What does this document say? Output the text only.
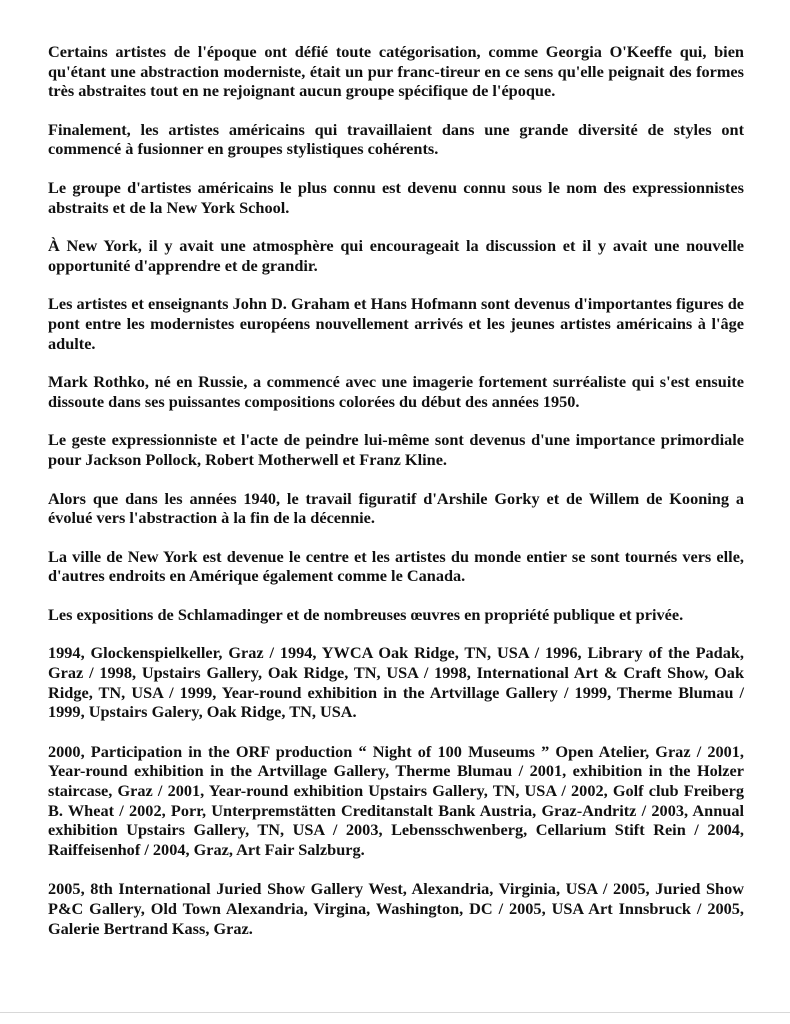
Certains artistes de l'époque ont défié toute catégorisation, comme Georgia O'Keeffe qui, bien qu'étant une abstraction moderniste, était un pur franc-tireur en ce sens qu'elle peignait des formes très abstraites tout en ne rejoignant aucun groupe spécifique de l'époque.

Finalement, les artistes américains qui travaillaient dans une grande diversité de styles ont commencé à fusionner en groupes stylistiques cohérents.

Le groupe d'artistes américains le plus connu est devenu connu sous le nom des expressionnistes abstraits et de la New York School.

À New York, il y avait une atmosphère qui encourageait la discussion et il y avait une nouvelle opportunité d'apprendre et de grandir.

Les artistes et enseignants John D. Graham et Hans Hofmann sont devenus d'importantes figures de pont entre les modernistes européens nouvellement arrivés et les jeunes artistes américains à l'âge adulte.

Mark Rothko, né en Russie, a commencé avec une imagerie fortement surréaliste qui s'est ensuite dissoute dans ses puissantes compositions colorées du début des années 1950.

Le geste expressionniste et l'acte de peindre lui-même sont devenus d'une importance primordiale pour Jackson Pollock, Robert Motherwell et Franz Kline.

Alors que dans les années 1940, le travail figuratif d'Arshile Gorky et de Willem de Kooning a évolué vers l'abstraction à la fin de la décennie.

La ville de New York est devenue le centre et les artistes du monde entier se sont tournés vers elle, d'autres endroits en Amérique également comme le Canada.

Les expositions de Schlamadinger et de nombreuses œuvres en propriété publique et privée.

1994, Glockenspielkeller, Graz / 1994, YWCA Oak Ridge, TN, USA / 1996, Library of the Padak, Graz / 1998, Upstairs Gallery, Oak Ridge, TN, USA / 1998, International Art & Craft Show, Oak Ridge, TN, USA / 1999, Year-round exhibition in the Artvillage Gallery / 1999, Therme Blumau / 1999, Upstairs Galery, Oak Ridge, TN, USA.

2000, Participation in the ORF production “ Night of 100 Museums ” Open Atelier, Graz / 2001, Year-round exhibition in the Artvillage Gallery, Therme Blumau / 2001, exhibition in the Holzer staircase, Graz / 2001, Year-round exhibition Upstairs Gallery, TN, USA / 2002, Golf club Freiberg B. Wheat / 2002, Porr, Unterpremstätten Creditanstalt Bank Austria, Graz-Andritz / 2003, Annual exhibition Upstairs Gallery, TN, USA / 2003, Lebensschwenberg, Cellarium Stift Rein / 2004, Raiffeisenhof / 2004, Graz, Art Fair Salzburg.

2005, 8th International Juried Show Gallery West, Alexandria, Virginia, USA / 2005, Juried Show P&C Gallery, Old Town Alexandria, Virgina, Washington, DC / 2005, USA Art Innsbruck / 2005, Galerie Bertrand Kass, Graz.
